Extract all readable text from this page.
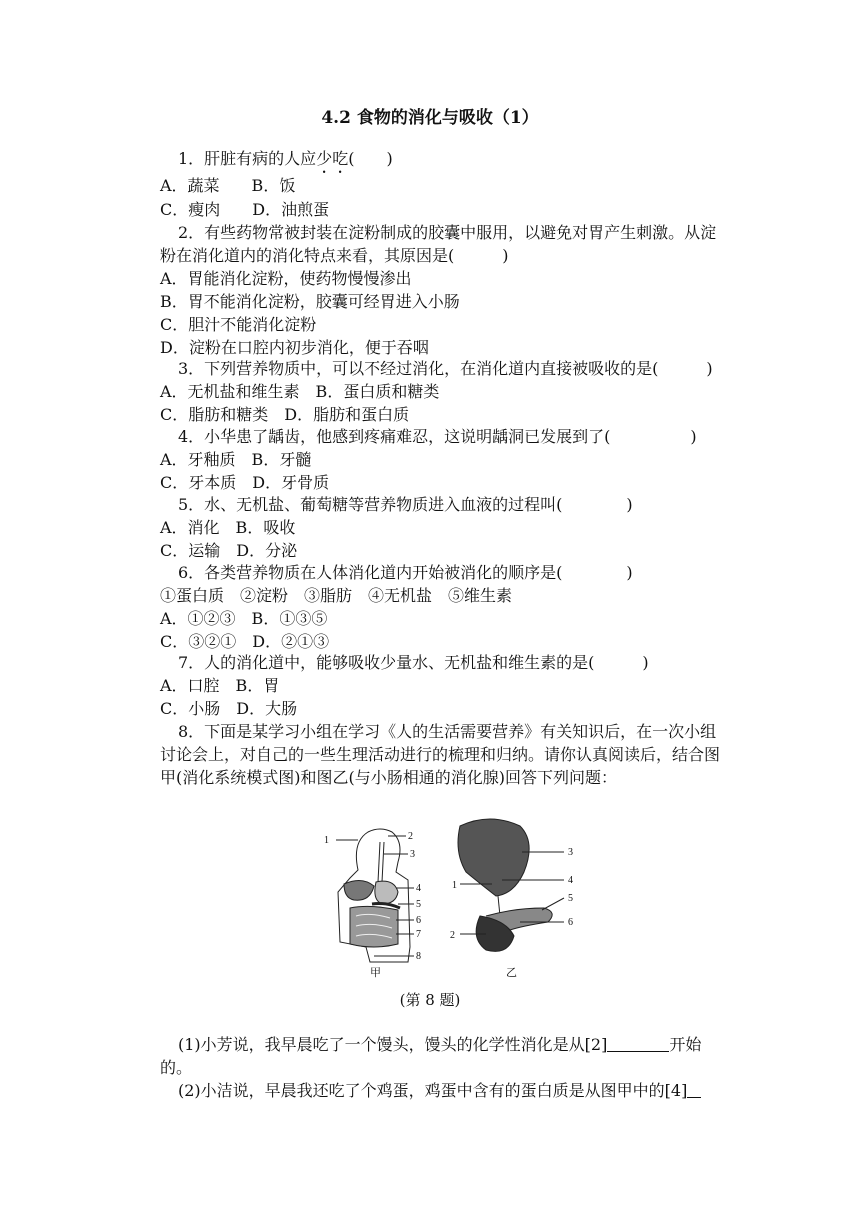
4.2 食物的消化与吸收（1）
1．肝脏有病的人应少吃(　　)
A．蔬菜　　B．饭
C．瘦肉　　D．油煎蛋
2．有些药物常被封装在淀粉制成的胶囊中服用，以避免对胃产生刺激。从淀
粉在消化道内的消化特点来看，其原因是(　　　)
A．胃能消化淀粉，使药物慢慢渗出
B．胃不能消化淀粉，胶囊可经胃进入小肠
C．胆汁不能消化淀粉
D．淀粉在口腔内初步消化，便于吞咽
3．下列营养物质中，可以不经过消化，在消化道内直接被吸收的是(　　　)
A．无机盐和维生素　B．蛋白质和糖类
C．脂肪和糖类　D．脂肪和蛋白质
4．小华患了龋齿，他感到疼痛难忍，这说明龋洞已发展到了(　　　　　)
A．牙釉质　B．牙髓
C．牙本质　D．牙骨质
5．水、无机盐、葡萄糖等营养物质进入血液的过程叫(　　　　)
A．消化　B．吸收
C．运输　D．分泌
6．各类营养物质在人体消化道内开始被消化的顺序是(　　　　)
①蛋白质　②淀粉　③脂肪　④无机盐　⑤维生素
A．①②③　B．①③⑤
C．③②①　D．②①③
7．人的消化道中，能够吸收少量水、无机盐和维生素的是(　　　)
A．口腔　B．胃
C．小肠　D．大肠
8．下面是某学习小组在学习《人的生活需要营养》有关知识后，在一次小组
讨论会上，对自己的一些生理活动进行的梳理和归纳。请你认真阅读后，结合图
甲(消化系统模式图)和图乙(与小肠相通的消化腺)回答下列问题：
1	2
3
4
5
6
7
8
甲
1
2
3
4
5
6
乙
(第 8 题)
(1)小芳说，我早晨吃了一个馒头，馒头的化学性消化是从[2]	开始
的。
(2)小洁说，早晨我还吃了个鸡蛋，鸡蛋中含有的蛋白质是从图甲中的[4]
